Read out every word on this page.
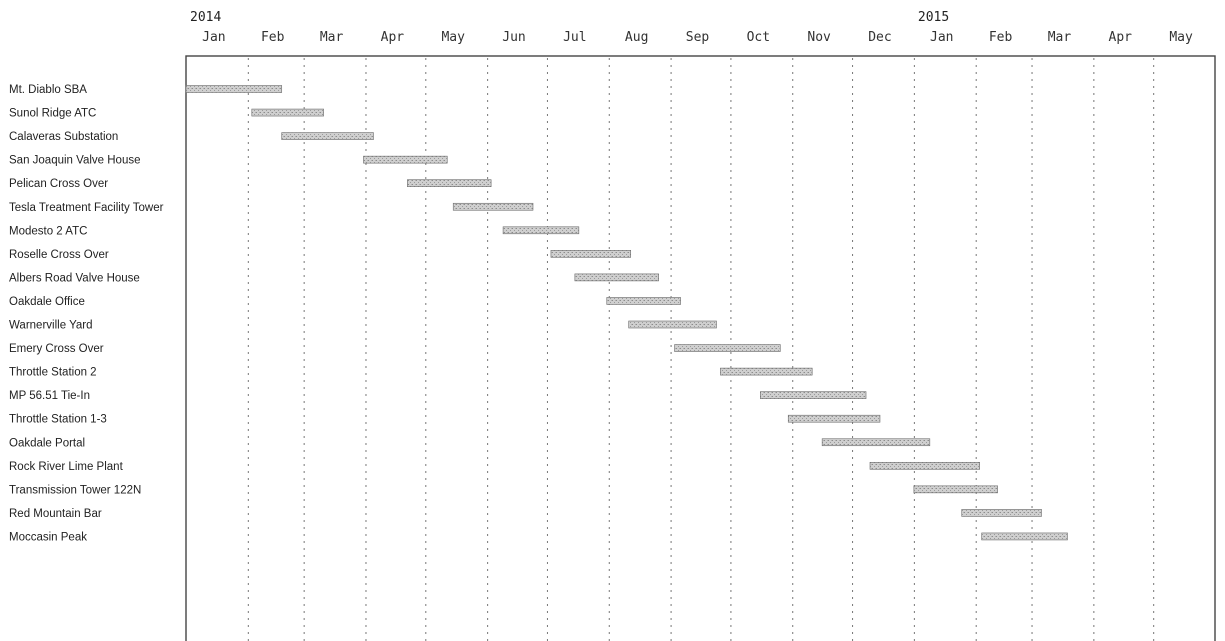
2014	2015
Jan	Feb	Mar	Apr	May	Jun	Jul	Aug	Sep	Oct	Nov	Dec	Jan	Feb	Mar	Apr	May
Mt. Diablo SBA
Sunol Ridge ATC
Calaveras Substation
San Joaquin Valve House
Pelican Cross Over
Tesla Treatment Facility Tower
Modesto 2 ATC
Roselle Cross Over
Albers Road Valve House
Oakdale Office
Warnerville Yard
Emery Cross Over
Throttle Station 2
MP 56.51 Tie-In
Throttle Station 1-3
Oakdale Portal
Rock River Lime Plant
Transmission Tower 122N
Red Mountain Bar
Moccasin Peak
